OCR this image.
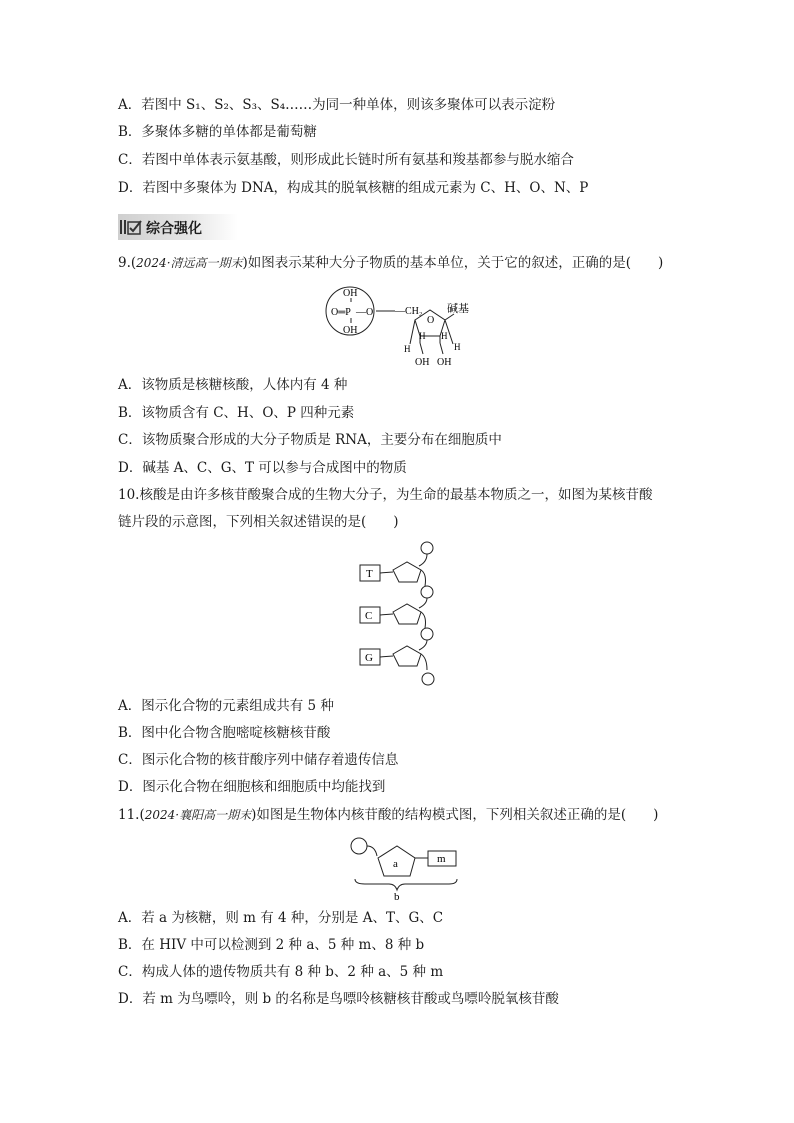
A．若图中 S₁、S₂、S₃、S₄……为同一种单体，则该多聚体可以表示淀粉
B．多聚体多糖的单体都是葡萄糖
C．若图中单体表示氨基酸，则形成此长链时所有氨基和羧基都参与脱水缩合
D．若图中多聚体为 DNA，构成其的脱氧核糖的组成元素为 C、H、O、N、P
综合强化
9.(2024·清远高一期末)如图表示某种大分子物质的基本单位，关于它的叙述，正确的是(　　)
OH
O═P —O
OH
—CH₂
O
碱基
H H
H	H
OH OH
A．该物质是核糖核酸，人体内有 4 种
B．该物质含有 C、H、O、P 四种元素
C．该物质聚合形成的大分子物质是 RNA，主要分布在细胞质中
D．碱基 A、C、G、T 可以参与合成图中的物质
10.核酸是由许多核苷酸聚合成的生物大分子，为生命的最基本物质之一，如图为某核苷酸
链片段的示意图，下列相关叙述错误的是(　　)
T
C
G
A．图示化合物的元素组成共有 5 种
B．图中化合物含胞嘧啶核糖核苷酸
C．图示化合物的核苷酸序列中储存着遗传信息
D．图示化合物在细胞核和细胞质中均能找到
11.(2024·襄阳高一期末)如图是生物体内核苷酸的结构模式图，下列相关叙述正确的是(　　)
a	m
b
A．若 a 为核糖，则 m 有 4 种，分别是 A、T、G、C
B．在 HIV 中可以检测到 2 种 a、5 种 m、8 种 b
C．构成人体的遗传物质共有 8 种 b、2 种 a、5 种 m
D．若 m 为鸟嘌呤，则 b 的名称是鸟嘌呤核糖核苷酸或鸟嘌呤脱氧核苷酸
